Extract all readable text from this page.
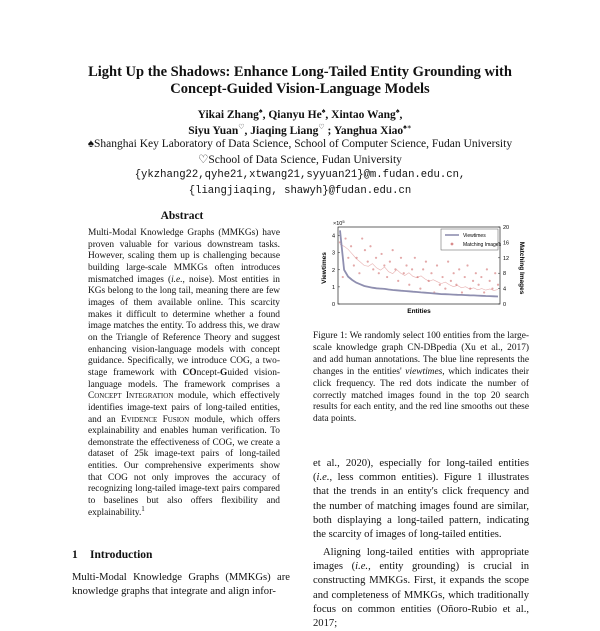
Light Up the Shadows: Enhance Long-Tailed Entity Grounding with
Concept-Guided Vision-Language Models
Yikai Zhang♠, Qianyu He♠, Xintao Wang♠,
Siyu Yuan♡, Jiaqing Liang♡ ; Yanghua Xiao♠∗
♠Shanghai Key Laboratory of Data Science, School of Computer Science, Fudan University
♡School of Data Science, Fudan University
{ykzhang22,qyhe21,xtwang21,syyuan21}@m.fudan.edu.cn,
{liangjiaqing, shawyh}@fudan.edu.cn
Abstract

Multi-Modal Knowledge Graphs (MMKGs) have proven valuable for various downstream tasks. However, scaling them up is challenging because building large-scale MMKGs often introduces mismatched images (i.e., noise). Most entities in KGs belong to the long tail, meaning there are few images of them available online. This scarcity makes it difficult to determine whether a found image matches the entity. To address this, we draw on the Triangle of Reference Theory and suggest enhancing vision-language models with concept guidance. Specifically, we introduce COG, a two-stage framework with COncept-Guided vision-language models. The framework comprises a Concept Integration module, which effectively identifies image-text pairs of long-tailed entities, and an Evidence Fusion module, which offers explainability and enables human verification. To demonstrate the effectiveness of COG, we create a dataset of 25k image-text pairs of long-tailed entities. Our comprehensive experiments show that COG not only improves the accuracy of recognizing long-tailed image-text pairs compared to baselines but also offers flexibility and explainability.$^1$

1 Introduction

Multi-Modal Knowledge Graphs (MMKGs) are knowledge graphs that integrate and align infor-

$\times 10^5$
4
3
2
1
0
20
16
12
8
4
0
Viewtimes	Matching Images
Entities
Viewtimes
Matching Images

Figure 1: We randomly select 100 entities from the large-scale knowledge graph CN-DBpedia (Xu et al., 2017) and add human annotations. The blue line represents the changes in the entities' viewtimes, which indicates their click frequency. The red dots indicate the number of correctly matched images found in the top 20 search results for each entity, and the red line smooths out these data points.

et al., 2020), especially for long-tailed entities (i.e., less common entities). Figure 1 illustrates that the trends in an entity's click frequency and the number of matching images found are similar, both displaying a long-tailed pattern, indicating the scarcity of images of long-tailed entities.

Aligning long-tailed entities with appropriate images (i.e., entity grounding) is crucial in constructing MMKGs. First, it expands the scope and completeness of MMKGs, which traditionally focus on common entities (Oñoro-Rubio et al., 2017;
